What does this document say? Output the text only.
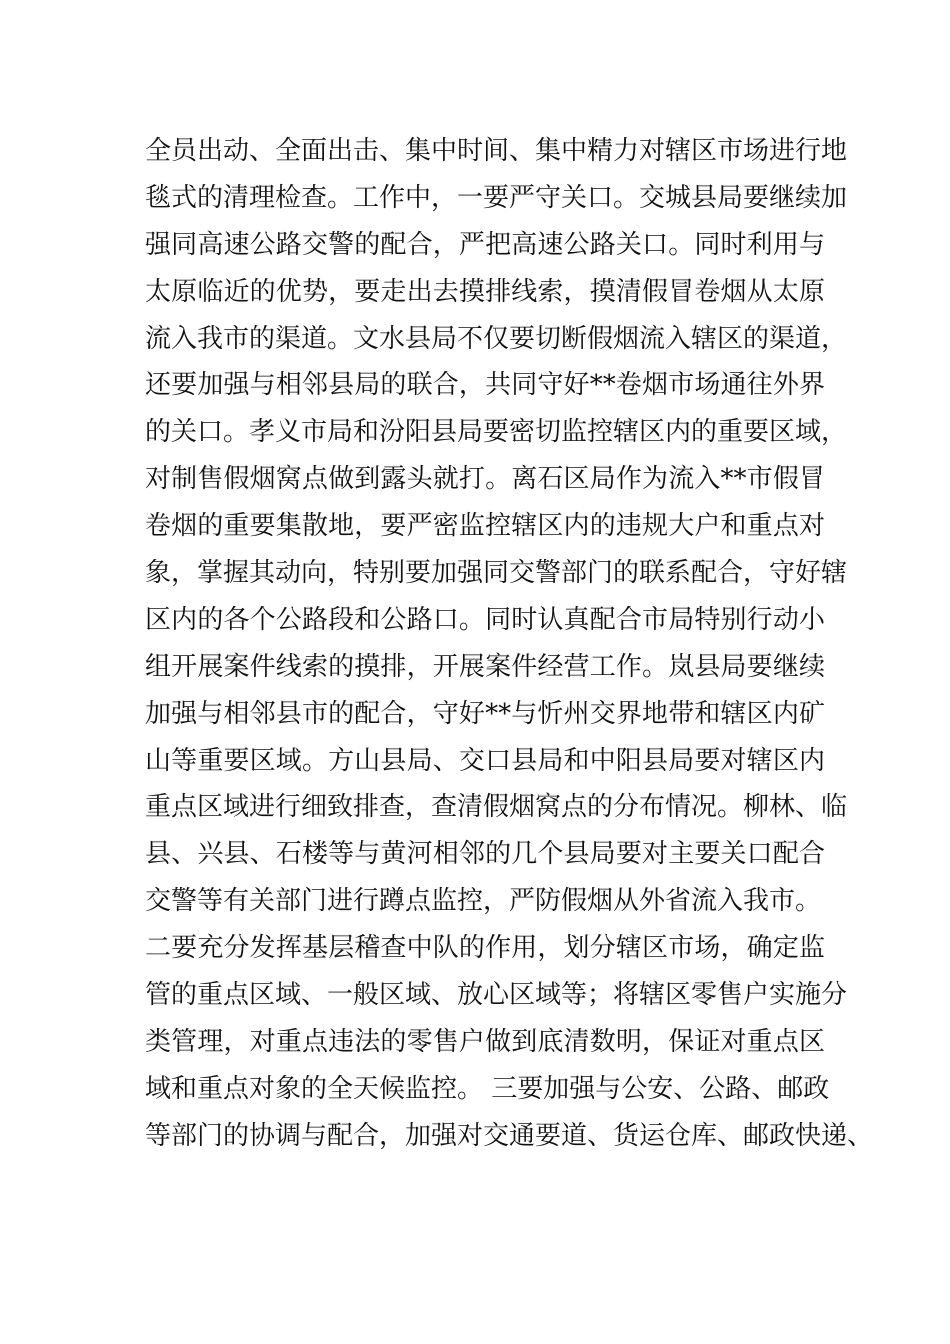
全员出动、全面出击、集中时间、集中精力对辖区市场进行地
毯式的清理检查。工作中，一要严守关口。交城县局要继续加
强同高速公路交警的配合，严把高速公路关口。同时利用与
太原临近的优势，要走出去摸排线索，摸清假冒卷烟从太原
流入我市的渠道。文水县局不仅要切断假烟流入辖区的渠道，
还要加强与相邻县局的联合，共同守好**卷烟市场通往外界
的关口。孝义市局和汾阳县局要密切监控辖区内的重要区域，
对制售假烟窝点做到露头就打。离石区局作为流入**市假冒
卷烟的重要集散地，要严密监控辖区内的违规大户和重点对
象，掌握其动向，特别要加强同交警部门的联系配合，守好辖
区内的各个公路段和公路口。同时认真配合市局特别行动小
组开展案件线索的摸排，开展案件经营工作。岚县局要继续
加强与相邻县市的配合，守好**与忻州交界地带和辖区内矿
山等重要区域。方山县局、交口县局和中阳县局要对辖区内
重点区域进行细致排查，查清假烟窝点的分布情况。柳林、临
县、兴县、石楼等与黄河相邻的几个县局要对主要关口配合
交警等有关部门进行蹲点监控，严防假烟从外省流入我市。
二要充分发挥基层稽查中队的作用，划分辖区市场，确定监
管的重点区域、一般区域、放心区域等；将辖区零售户实施分
类管理，对重点违法的零售户做到底清数明，保证对重点区
域和重点对象的全天候监控。 三要加强与公安、公路、邮政
等部门的协调与配合，加强对交通要道、货运仓库、邮政快递、
